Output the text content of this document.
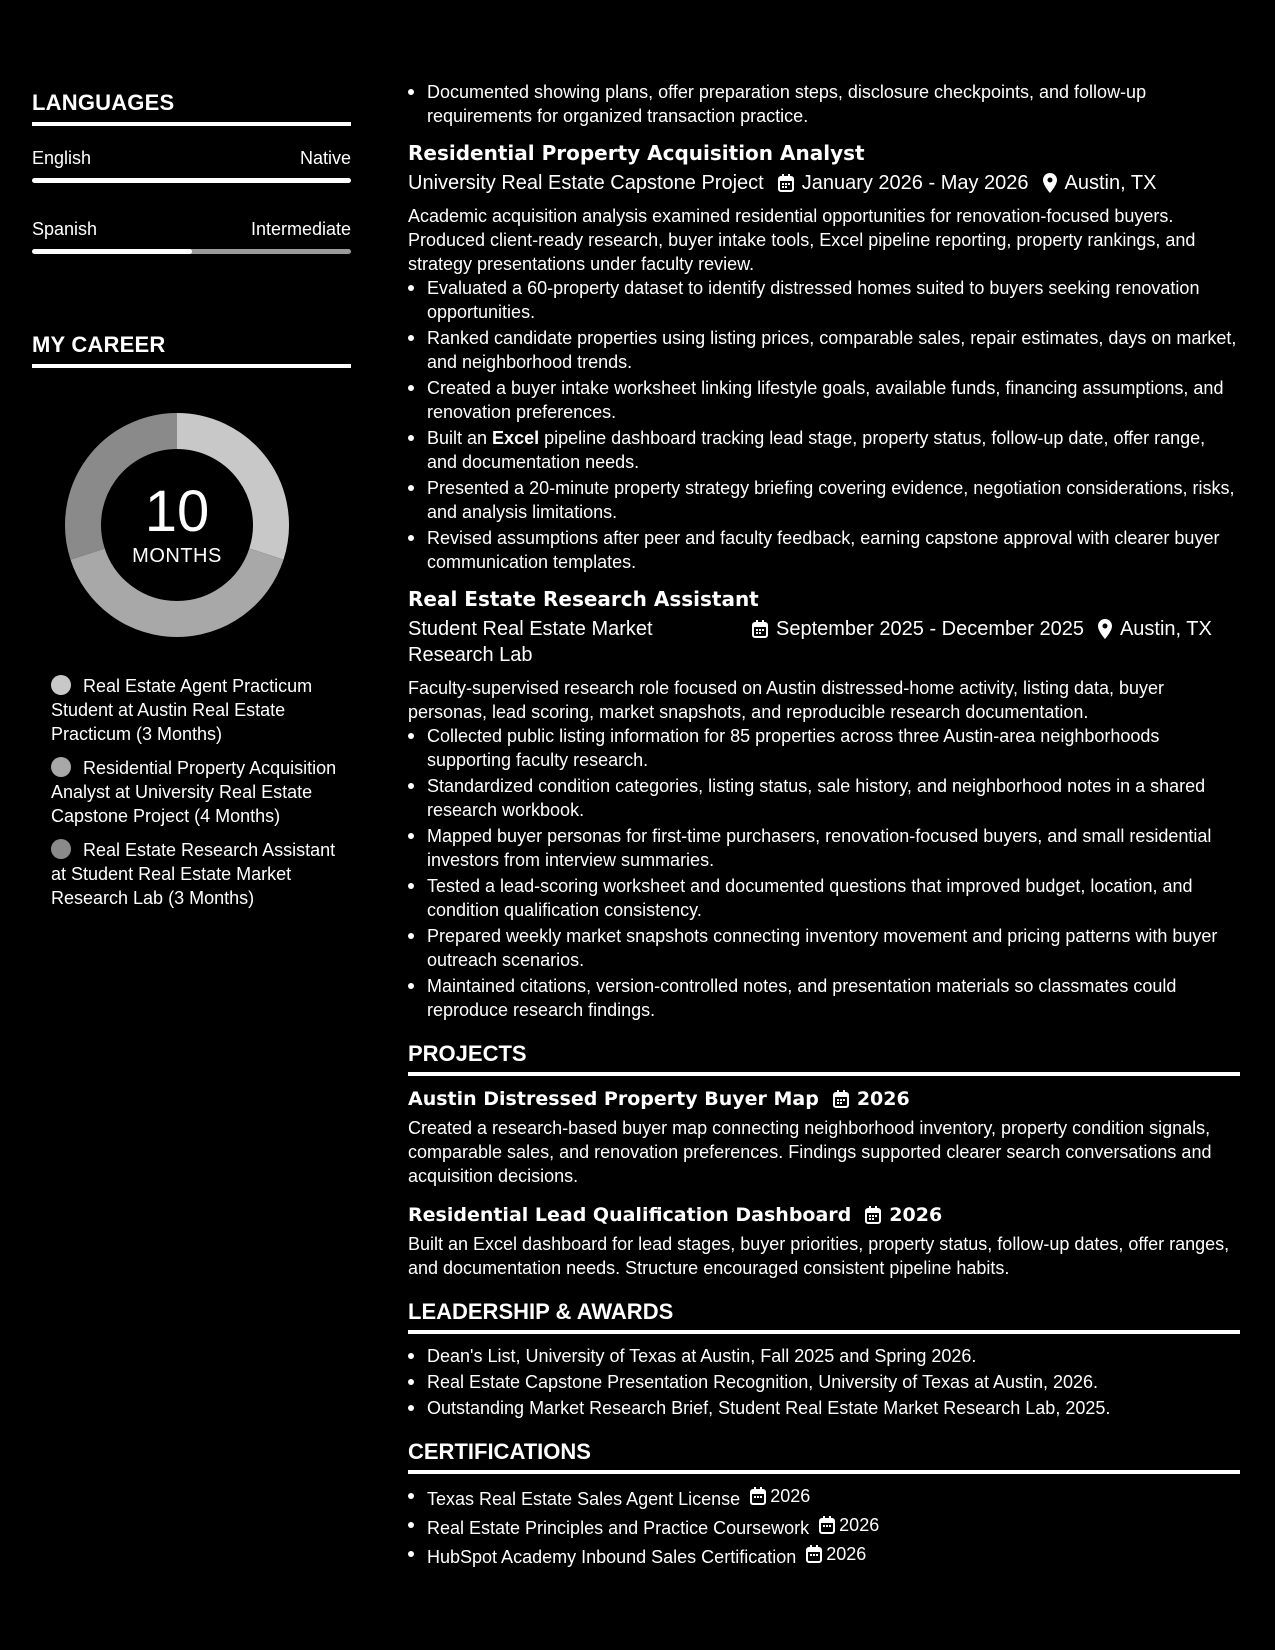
LANGUAGES
English	Native
Spanish	Intermediate
MY CAREER
10
MONTHS
Real Estate Agent Practicum Student at Austin Real Estate Practicum (3 Months)
Residential Property Acquisition Analyst at University Real Estate Capstone Project (4 Months)
Real Estate Research Assistant at Student Real Estate Market Research Lab (3 Months)
Documented showing plans, offer preparation steps, disclosure checkpoints, and follow-up requirements for organized transaction practice.
Residential Property Acquisition Analyst
University Real Estate Capstone Project January 2026 - May 2026 Austin, TX
Academic acquisition analysis examined residential opportunities for renovation-focused buyers. Produced client-ready research, buyer intake tools, Excel pipeline reporting, property rankings, and strategy presentations under faculty review.
Evaluated a 60-property dataset to identify distressed homes suited to buyers seeking renovation opportunities.
Ranked candidate properties using listing prices, comparable sales, repair estimates, days on market, and neighborhood trends.
Created a buyer intake worksheet linking lifestyle goals, available funds, financing assumptions, and renovation preferences.
Built an Excel pipeline dashboard tracking lead stage, property status, follow-up date, offer range, and documentation needs.
Presented a 20-minute property strategy briefing covering evidence, negotiation considerations, risks, and analysis limitations.
Revised assumptions after peer and faculty feedback, earning capstone approval with clearer buyer communication templates.
Real Estate Research Assistant
Student Real Estate Market Research Lab
September 2025 - December 2025 Austin, TX
Faculty-supervised research role focused on Austin distressed-home activity, listing data, buyer personas, lead scoring, market snapshots, and reproducible research documentation.
Collected public listing information for 85 properties across three Austin-area neighborhoods supporting faculty research.
Standardized condition categories, listing status, sale history, and neighborhood notes in a shared research workbook.
Mapped buyer personas for first-time purchasers, renovation-focused buyers, and small residential investors from interview summaries.
Tested a lead-scoring worksheet and documented questions that improved budget, location, and condition qualification consistency.
Prepared weekly market snapshots connecting inventory movement and pricing patterns with buyer outreach scenarios.
Maintained citations, version-controlled notes, and presentation materials so classmates could reproduce research findings.
PROJECTS
Austin Distressed Property Buyer Map 2026
Created a research-based buyer map connecting neighborhood inventory, property condition signals, comparable sales, and renovation preferences. Findings supported clearer search conversations and acquisition decisions.
Residential Lead Qualification Dashboard 2026
Built an Excel dashboard for lead stages, buyer priorities, property status, follow-up dates, offer ranges, and documentation needs. Structure encouraged consistent pipeline habits.
LEADERSHIP & AWARDS
Dean's List, University of Texas at Austin, Fall 2025 and Spring 2026.
Real Estate Capstone Presentation Recognition, University of Texas at Austin, 2026.
Outstanding Market Research Brief, Student Real Estate Market Research Lab, 2025.
CERTIFICATIONS
Texas Real Estate Sales Agent License 2026
Real Estate Principles and Practice Coursework 2026
HubSpot Academy Inbound Sales Certification 2026
